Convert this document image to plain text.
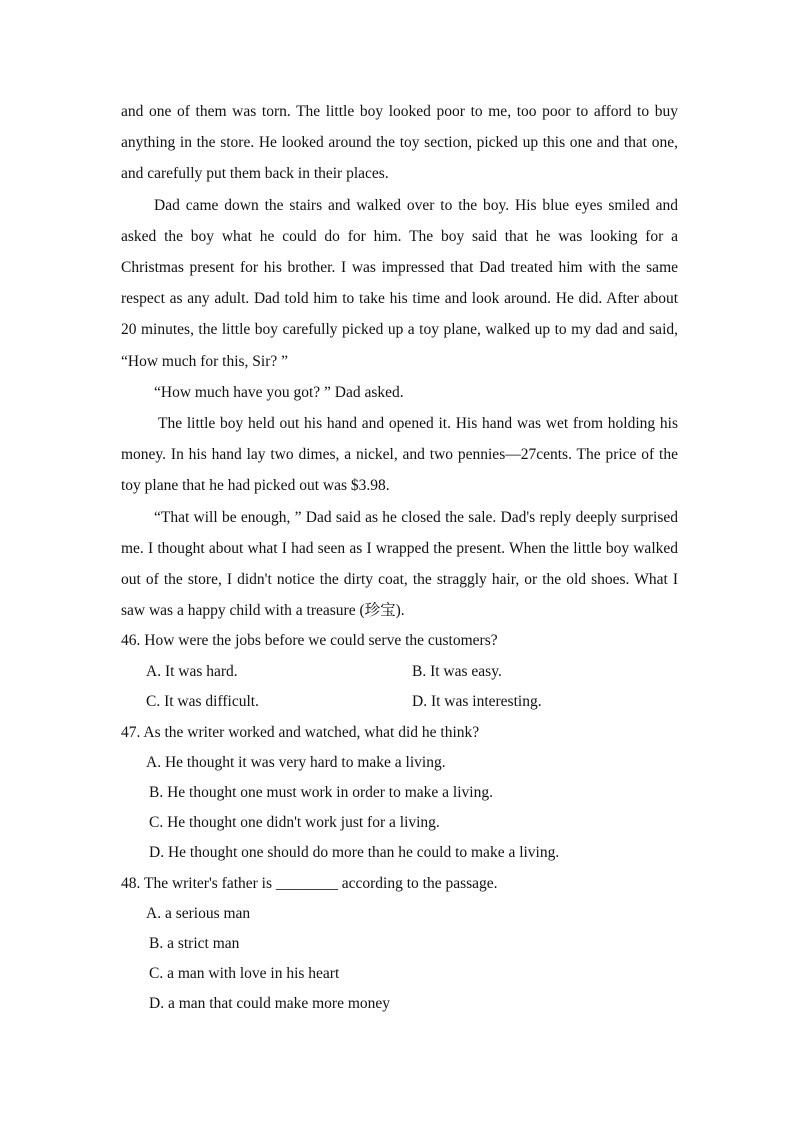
and one of them was torn. The little boy looked poor to me, too poor to afford to buy anything in the store. He looked around the toy section, picked up this one and that one, and carefully put them back in their places.

Dad came down the stairs and walked over to the boy. His blue eyes smiled and asked the boy what he could do for him. The boy said that he was looking for a Christmas present for his brother. I was impressed that Dad treated him with the same respect as any adult. Dad told him to take his time and look around. He did. After about 20 minutes, the little boy carefully picked up a toy plane, walked up to my dad and said, “How much for this, Sir? ”

“How much have you got? ” Dad asked.

The little boy held out his hand and opened it. His hand was wet from holding his money. In his hand lay two dimes, a nickel, and two pennies—27cents. The price of the toy plane that he had picked out was $3.98.

“That will be enough, ” Dad said as he closed the sale. Dad's reply deeply surprised me. I thought about what I had seen as I wrapped the present. When the little boy walked out of the store, I didn't notice the dirty coat, the straggly hair, or the old shoes. What I saw was a happy child with a treasure (珍宝).

46. How were the jobs before we could serve the customers?

A. It was hard.	B. It was easy.
C. It was difficult.	D. It was interesting.

47. As the writer worked and watched, what did he think?

A. He thought it was very hard to make a living.
B. He thought one must work in order to make a living.
C. He thought one didn't work just for a living.
D. He thought one should do more than he could to make a living.

48. The writer's father is ________ according to the passage.

A. a serious man
B. a strict man
C. a man with love in his heart
D. a man that could make more money
